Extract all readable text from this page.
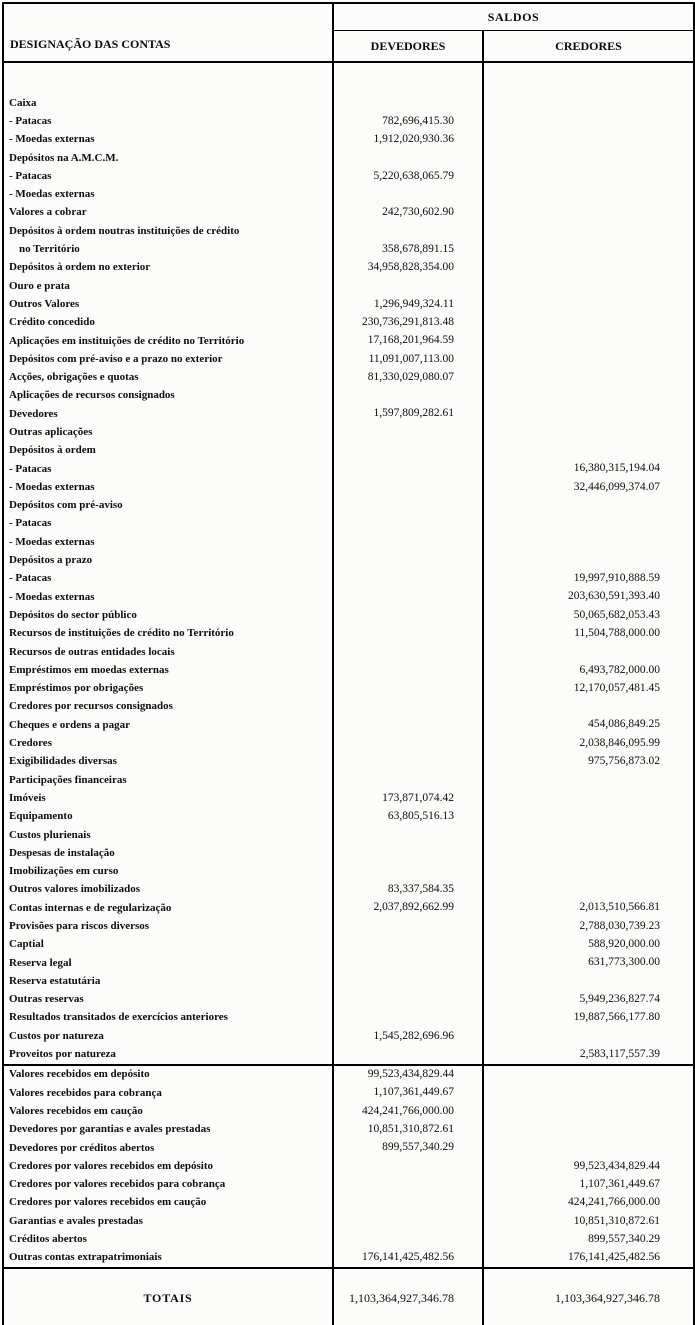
DESIGNAÇÃO DAS CONTAS	SALDOS	
	DEVEDORES	CREDORES

Caixa		
- Patacas	782,696,415.30	
- Moedas externas	1,912,020,930.36	
Depósitos na A.M.C.M.		
- Patacas	5,220,638,065.79	
- Moedas externas		
Valores a cobrar	242,730,602.90	
Depósitos à ordem noutras instituições de crédito		
no Território	358,678,891.15	
Depósitos à ordem no exterior	34,958,828,354.00	
Ouro e prata		
Outros Valores	1,296,949,324.11	
Crédito concedido	230,736,291,813.48	
Aplicações em instituições de crédito no Território	17,168,201,964.59	
Depósitos com pré-aviso e a prazo no exterior	11,091,007,113.00	
Acções, obrigações e quotas	81,330,029,080.07	
Aplicações de recursos consignados		
Devedores	1,597,809,282.61	
Outras aplicações		
Depósitos à ordem		
- Patacas		16,380,315,194.04
- Moedas externas		32,446,099,374.07
Depósitos com pré-aviso		
- Patacas		
- Moedas externas		
Depósitos a prazo		
- Patacas		19,997,910,888.59
- Moedas externas		203,630,591,393.40
Depósitos do sector público		50,065,682,053.43
Recursos de instituições de crédito no Território		11,504,788,000.00
Recursos de outras entidades locais		
Empréstimos em moedas externas		6,493,782,000.00
Empréstimos por obrigações		12,170,057,481.45
Credores por recursos consignados		
Cheques e ordens a pagar		454,086,849.25
Credores		2,038,846,095.99
Exigibilidades diversas		975,756,873.02
Participações financeiras		
Imóveis	173,871,074.42	
Equipamento	63,805,516.13	
Custos plurienais		
Despesas de instalação		
Imobilizações em curso		
Outros valores imobilizados	83,337,584.35	
Contas internas e de regularização	2,037,892,662.99	2,013,510,566.81
Provisões para riscos diversos		2,788,030,739.23
Captial		588,920,000.00
Reserva legal		631,773,300.00
Reserva estatutária		
Outras reservas		5,949,236,827.74
Resultados transitados de exercícios anteriores		19,887,566,177.80
Custos por natureza	1,545,282,696.96	
Proveitos por natureza		2,583,117,557.39
Valores recebidos em depósito	99,523,434,829.44	
Valores recebidos para cobrança	1,107,361,449.67	
Valores recebidos em caução	424,241,766,000.00	
Devedores por garantias e avales prestadas	10,851,310,872.61	
Devedores por créditos abertos	899,557,340.29	
Credores por valores recebidos em depósito		99,523,434,829.44
Credores por valores recebidos para cobrança		1,107,361,449.67
Credores por valores recebidos em caução		424,241,766,000.00
Garantias e avales prestadas		10,851,310,872.61
Créditos abertos		899,557,340.29
Outras contas extrapatrimoniais	176,141,425,482.56	176,141,425,482.56
TOTAIS	1,103,364,927,346.78	1,103,364,927,346.78
